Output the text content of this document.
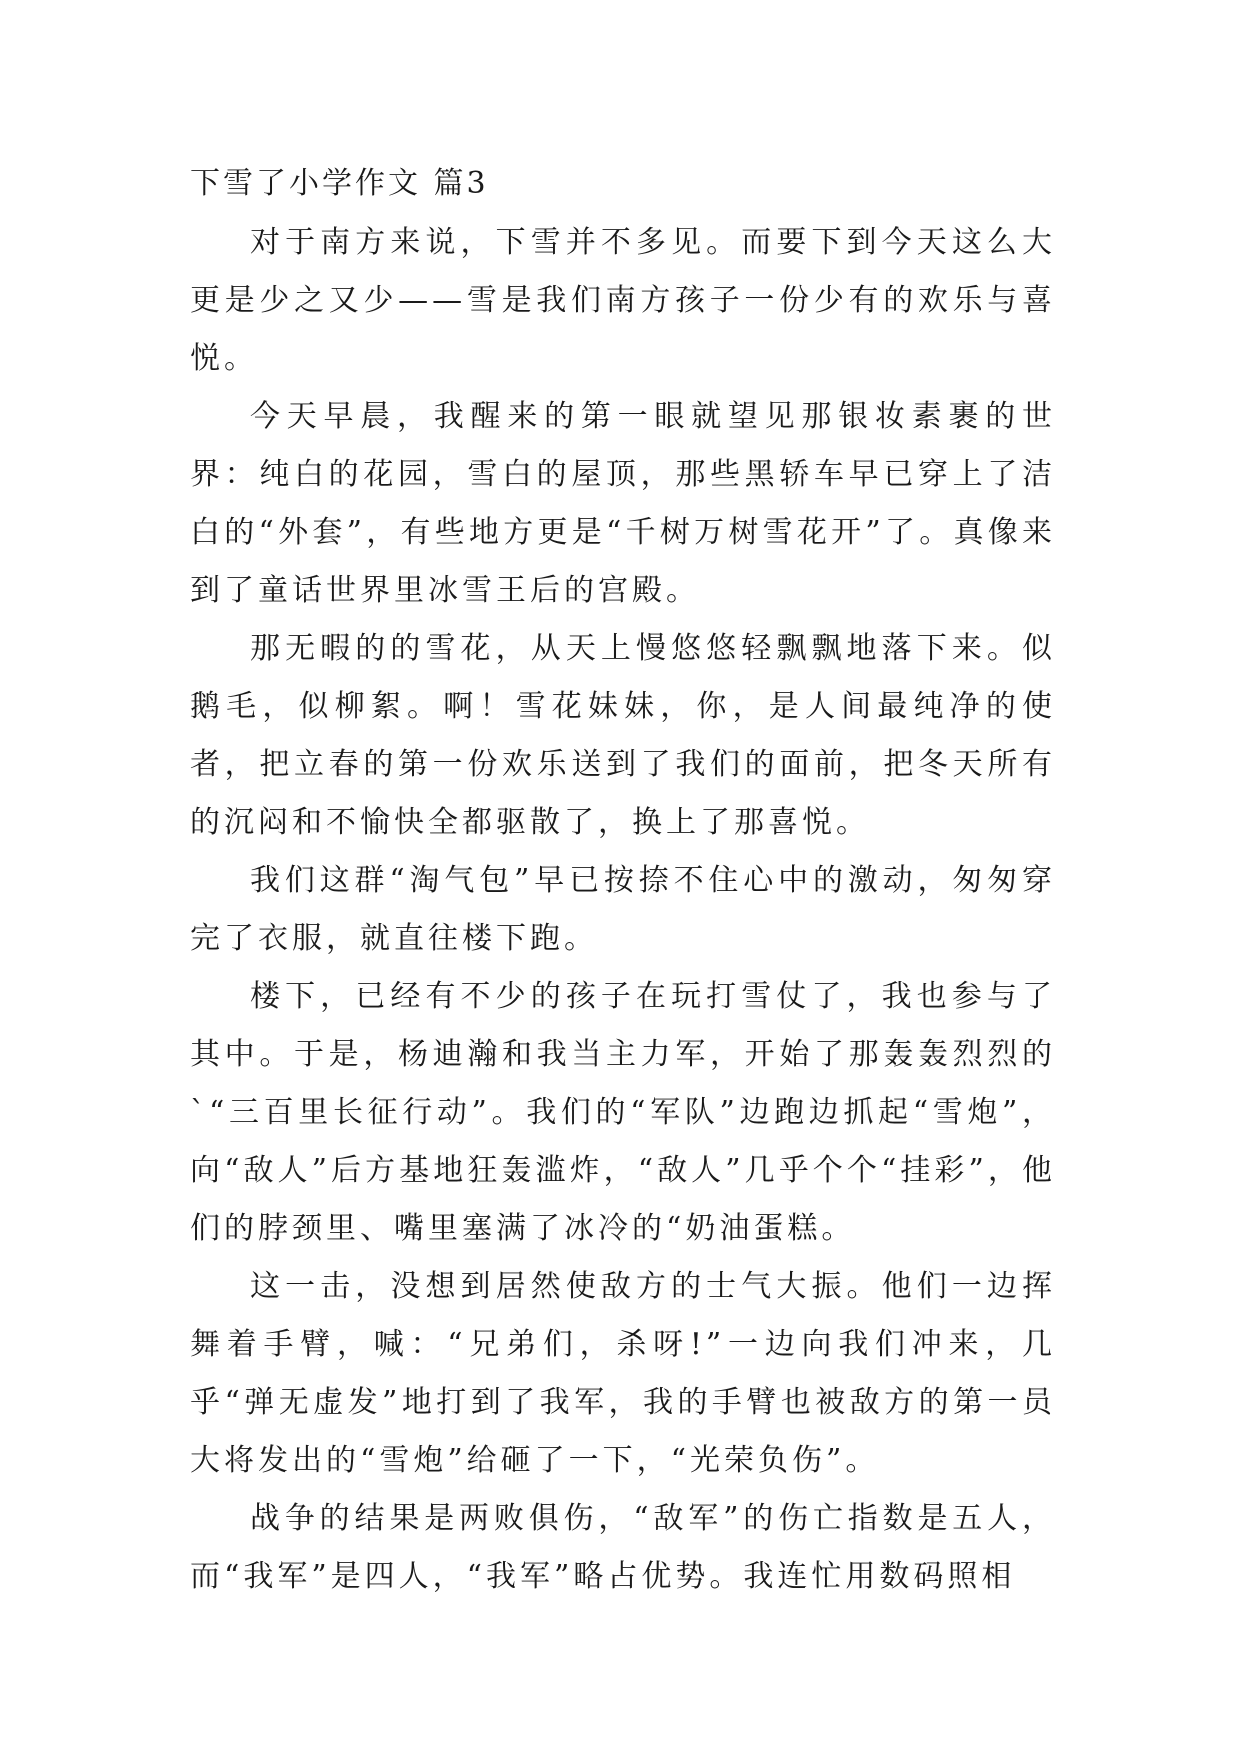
下雪了小学作文 篇3

对于南方来说，下雪并不多见。而要下到今天这么大更是少之又少——雪是我们南方孩子一份少有的欢乐与喜悦。

今天早晨，我醒来的第一眼就望见那银妆素裹的世界：纯白的花园，雪白的屋顶，那些黑轿车早已穿上了洁白的“外套”，有些地方更是“千树万树雪花开”了。真像来到了童话世界里冰雪王后的宫殿。

那无暇的的雪花，从天上慢悠悠轻飘飘地落下来。似鹅毛，似柳絮。啊！雪花妹妹，你，是人间最纯净的使者，把立春的第一份欢乐送到了我们的面前，把冬天所有的沉闷和不愉快全都驱散了，换上了那喜悦。

我们这群“淘气包”早已按捺不住心中的激动，匆匆穿完了衣服，就直往楼下跑。

楼下，已经有不少的孩子在玩打雪仗了，我也参与了其中。于是，杨迪瀚和我当主力军，开始了那轰轰烈烈的`“三百里长征行动”。我们的“军队”边跑边抓起“雪炮”，向“敌人”后方基地狂轰滥炸，“敌人”几乎个个“挂彩”，他们的脖颈里、嘴里塞满了冰冷的“奶油蛋糕。

这一击，没想到居然使敌方的士气大振。他们一边挥舞着手臂，喊：“兄弟们，杀呀!”一边向我们冲来，几乎“弹无虚发”地打到了我军，我的手臂也被敌方的第一员大将发出的“雪炮”给砸了一下，“光荣负伤”。

战争的结果是两败俱伤，“敌军”的伤亡指数是五人，而“我军”是四人，“我军”略占优势。我连忙用数码照相
